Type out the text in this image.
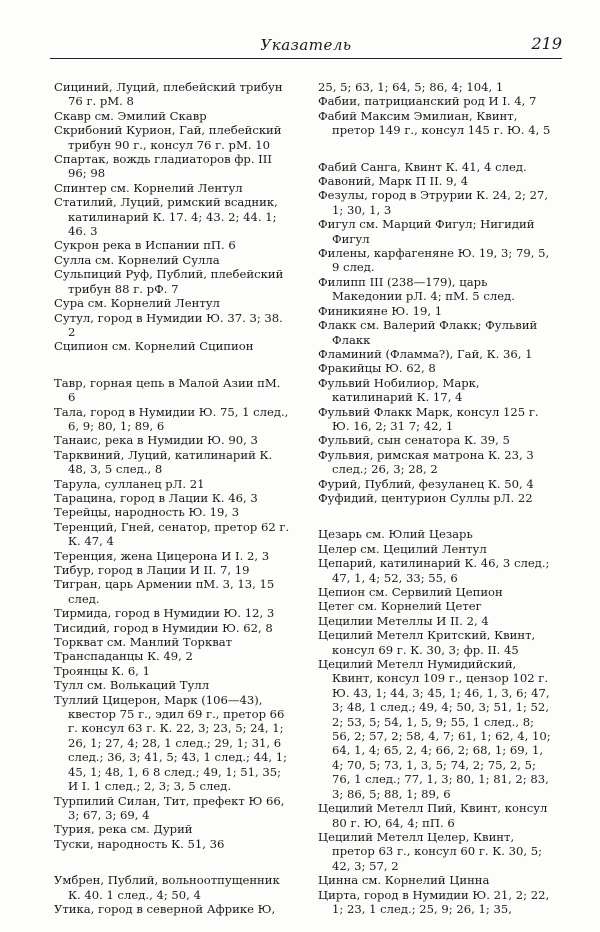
Указатель	219

Сициний, Луций, плебейский трибун 76 г. рМ. 8

Скавр см. Эмилий Скавр

Скрибоний Курион, Гай, плебейский трибун 90 г., консул 76 г. рМ. 10

Спартак, вождь гладиаторов фр. III 96; 98

Спинтер см. Корнелий Лентул

Статилий, Луций, римский всадник, катилинарий К. 17. 4; 43. 2; 44. 1; 46. 3

Сукрон река в Испании пП. 6

Сулла см. Корнелий Сулла

Сульпиций Руф, Публий, плебейский трибун 88 г. рФ. 7

Сура см. Корнелий Лентул

Сутул, город в Нумидии Ю. 37. 3; 38. 2

Сципион см. Корнелий Сципион

Тавр, горная цепь в Малой Азии пМ. 6

Тала, город в Нумидии Ю. 75, 1 след., 6, 9; 80, 1; 89, 6

Танаис, река в Нумидии Ю. 90, 3

Тарквиний, Луций, катилинарий К. 48, 3, 5 след., 8

Тарула, сулланец рЛ. 21

Тарацина, город в Лации К. 46, 3

Терейцы, народность Ю. 19, 3

Теренций, Гней, сенатор, претор 62 г. К. 47, 4

Теренция, жена Цицерона И I. 2, 3

Тибур, город в Лации И II. 7, 19

Тигран, царь Армении пМ. 3, 13, 15 след.

Тирмида, город в Нумидии Ю. 12, 3

Тисидий, город в Нумидии Ю. 62, 8

Торкват см. Манлий Торкват

Транспаданцы К. 49, 2

Троянцы К. 6, 1

Тулл см. Волькаций Тулл

Туллий Цицерон, Марк (106—43), квестор 75 г., эдил 69 г., претор 66 г. консул 63 г. К. 22, 3; 23, 5; 24, 1; 26, 1; 27, 4; 28, 1 след.; 29, 1; 31, 6 след.; 36, 3; 41, 5; 43, 1 след.; 44, 1; 45, 1; 48, 1, 6 8 след.; 49, 1; 51, 35; И I. 1 след.; 2, 3; 3, 5 след.

Турпилий Силан, Тит, префект Ю 66, 3; 67, 3; 69, 4

Турия, река см. Дурий

Туски, народность К. 51, 36

Умбрен, Публий, вольноотпущенник К. 40. 1 след., 4; 50, 4

Утика, город в северной Африке Ю,

25, 5; 63, 1; 64, 5; 86, 4; 104, 1

Фабии, патрицианский род И I. 4, 7

Фабий Максим Эмилиан, Квинт, претор 149 г., консул 145 г. Ю. 4, 5

Фабий Санга, Квинт К. 41, 4 след.

Фавоний, Марк П II. 9, 4

Фезулы, город в Этрурии К. 24, 2; 27, 1; 30, 1, 3

Фигул см. Марций Фигул; Нигидий Фигул

Филены, карфагеняне Ю. 19, 3; 79, 5, 9 след.

Филипп III (238—179), царь Македонии рЛ. 4; пМ. 5 след.

Финикияне Ю. 19, 1

Флакк см. Валерий Флакк; Фульвий Флакк

Фламиний (Фламма?), Гай, К. 36, 1

Фракийцы Ю. 62, 8

Фульвий Нобилиор, Марк, катилинарий К. 17, 4

Фульвий Флакк Марк, консул 125 г. Ю. 16, 2; 31 7; 42, 1

Фульвий, сын сенатора К. 39, 5

Фульвия, римская матрона К. 23, 3 след.; 26, 3; 28, 2

Фурий, Публий, фезуланец К. 50, 4

Фуфидий, центурион Суллы рЛ. 22

Цезарь см. Юлий Цезарь

Целер см. Цецилий Лентул

Цепарий, катилинарий К. 46, 3 след.; 47, 1, 4; 52, 33; 55, 6

Цепион см. Сервилий Цепион

Цетег см. Корнелий Цетег

Цецилии Метеллы И II. 2, 4

Цецилий Метелл Критский, Квинт, консул 69 г. К. 30, 3; фр. II. 45

Цецилий Метелл Нумидийский, Квинт, консул 109 г., цензор 102 г. Ю. 43, 1; 44, 3; 45, 1; 46, 1, 3, 6; 47, 3; 48, 1 след.; 49, 4; 50, 3; 51, 1; 52, 2; 53, 5; 54, 1, 5, 9; 55, 1 след., 8; 56, 2; 57, 2; 58, 4, 7; 61, 1; 62, 4, 10; 64, 1, 4; 65, 2, 4; 66, 2; 68, 1; 69, 1, 4; 70, 5; 73, 1, 3, 5; 74, 2; 75, 2, 5; 76, 1 след.; 77, 1, 3; 80, 1; 81, 2; 83, 3; 86, 5; 88, 1; 89, 6

Цецилий Метелл Пий, Квинт, консул 80 г. Ю, 64, 4; пП. 6

Цецилий Метелл Целер, Квинт, претор 63 г., консул 60 г. К. 30, 5; 42, 3; 57, 2

Цинна см. Корнелий Цинна

Цирта, город в Нумидии Ю. 21, 2; 22, 1; 23, 1 след.; 25, 9; 26, 1; 35,
